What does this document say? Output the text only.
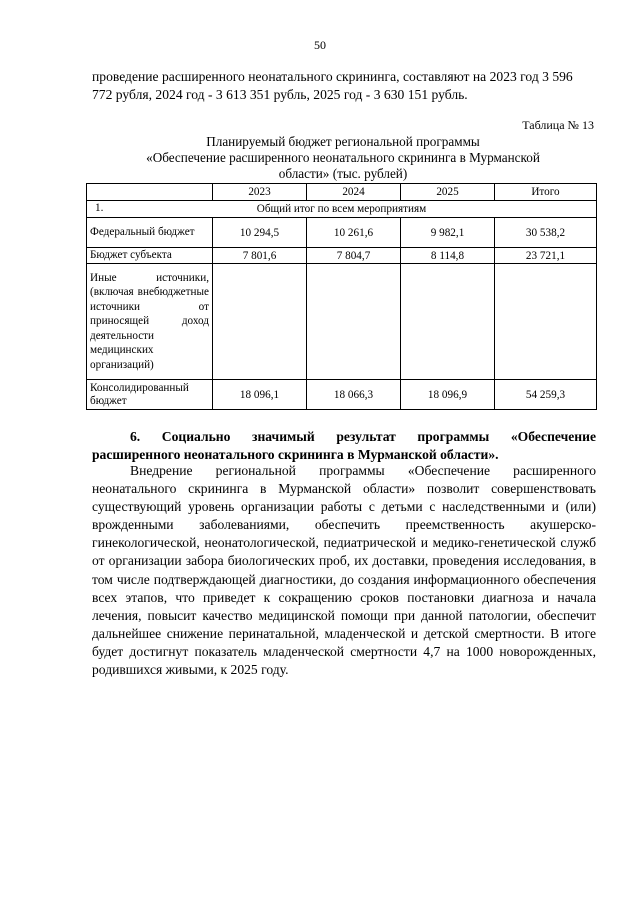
50
проведение расширенного неонатального скрининга, составляют на 2023 год 3 596 772 рубля, 2024 год - 3 613 351 рубль, 2025 год - 3 630 151 рубль.
Таблица № 13
Планируемый бюджет региональной программы
«Обеспечение расширенного неонатального скрининга в Мурманской
области» (тыс. рублей)
	2023	2024	2025	Итого

1. Общий итог по всем мероприятиям				

Федеральный бюджет	10 294,5	10 261,6	9 982,1	30 538,2
Бюджет субъекта	7 801,6	7 804,7	8 114,8	23 721,1
Иные источники, (включая внебюджетные источники от приносящей доход деятельности медицинских организаций)				
Консолидированный бюджет	18 096,1	18 066,3	18 096,9	54 259,3
6. Социально значимый результат программы «Обеспечение расширенного неонатального скрининга в Мурманской области».
Внедрение региональной программы «Обеспечение расширенного неонатального скрининга в Мурманской области» позволит совершенствовать существующий уровень организации работы с детьми с наследственными и (или) врожденными заболеваниями, обеспечить преемственность акушерско-гинекологической, неонатологической, педиатрической и медико-генетической служб от организации забора биологических проб, их доставки, проведения исследования, в том числе подтверждающей диагностики, до создания информационного обеспечения всех этапов, что приведет к сокращению сроков постановки диагноза и начала лечения, повысит качество медицинской помощи при данной патологии, обеспечит дальнейшее снижение перинатальной, младенческой и детской смертности. В итоге будет достигнут показатель младенческой смертности 4,7 на 1000 новорожденных, родившихся живыми, к 2025 году.
